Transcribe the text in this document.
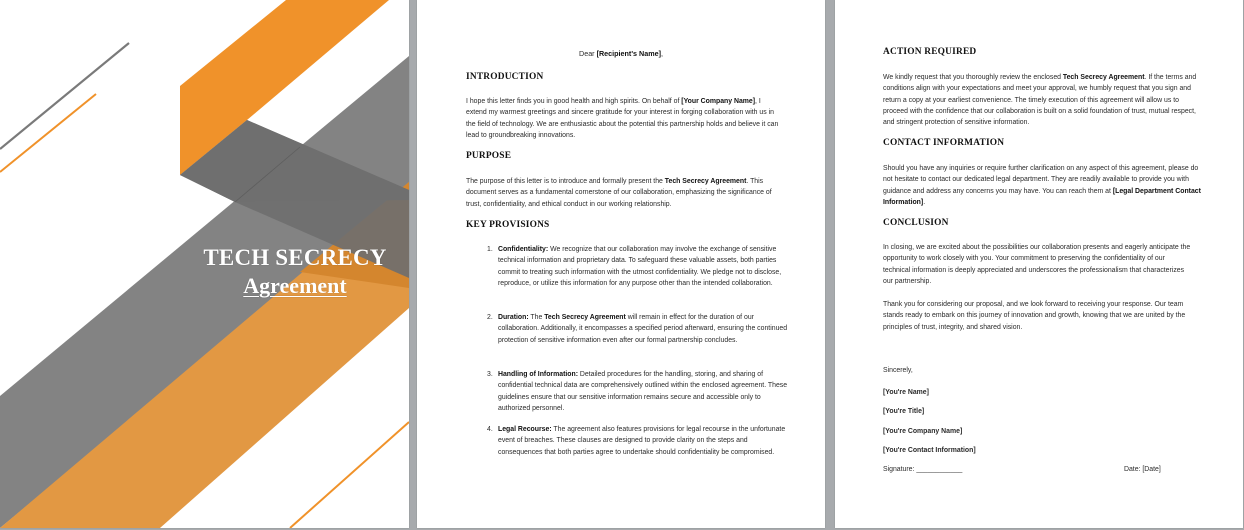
TECH SECRECY
Agreement
Dear [Recipient's Name],
INTRODUCTION

I hope this letter finds you in good health and high spirits. On behalf of [Your Company Name], I extend my warmest greetings and sincere gratitude for your interest in forging collaboration with us in the field of technology. We are enthusiastic about the potential this partnership holds and believe it can lead to groundbreaking innovations.

PURPOSE

The purpose of this letter is to introduce and formally present the Tech Secrecy Agreement. This document serves as a fundamental cornerstone of our collaboration, emphasizing the significance of trust, confidentiality, and ethical conduct in our working relationship.

KEY PROVISIONS
1. Confidentiality: We recognize that our collaboration may involve the exchange of sensitive technical information and proprietary data. To safeguard these valuable assets, both parties commit to treating such information with the utmost confidentiality. We pledge not to disclose, reproduce, or utilize this information for any purpose other than the intended collaboration.

2. Duration: The Tech Secrecy Agreement will remain in effect for the duration of our collaboration. Additionally, it encompasses a specified period afterward, ensuring the continued protection of sensitive information even after our formal partnership concludes.

3. Handling of Information: Detailed procedures for the handling, storing, and sharing of confidential technical data are comprehensively outlined within the enclosed agreement. These guidelines ensure that our sensitive information remains secure and accessible only to authorized personnel.

4. Legal Recourse: The agreement also features provisions for legal recourse in the unfortunate event of breaches. These clauses are designed to provide clarity on the steps and consequences that both parties agree to undertake should confidentiality be compromised.

ACTION REQUIRED

We kindly request that you thoroughly review the enclosed Tech Secrecy Agreement. If the terms and conditions align with your expectations and meet your approval, we humbly request that you sign and return a copy at your earliest convenience. The timely execution of this agreement will allow us to proceed with the confidence that our collaboration is built on a solid foundation of trust, mutual respect, and stringent protection of sensitive information.

CONTACT INFORMATION

Should you have any inquiries or require further clarification on any aspect of this agreement, please do not hesitate to contact our dedicated legal department. They are readily available to provide you with guidance and address any concerns you may have. You can reach them at [Legal Department Contact Information].

CONCLUSION

In closing, we are excited about the possibilities our collaboration presents and eagerly anticipate the opportunity to work closely with you. Your commitment to preserving the confidentiality of our technical information is deeply appreciated and underscores the professionalism that characterizes our partnership.

Thank you for considering our proposal, and we look forward to receiving your response. Our team stands ready to embark on this journey of innovation and growth, knowing that we are united by the principles of trust, integrity, and shared vision.

Sincerely,
[You're Name]
[You're Title]
[You're Company Name]
[You're Contact Information]
Signature: ____________	Date: [Date]
